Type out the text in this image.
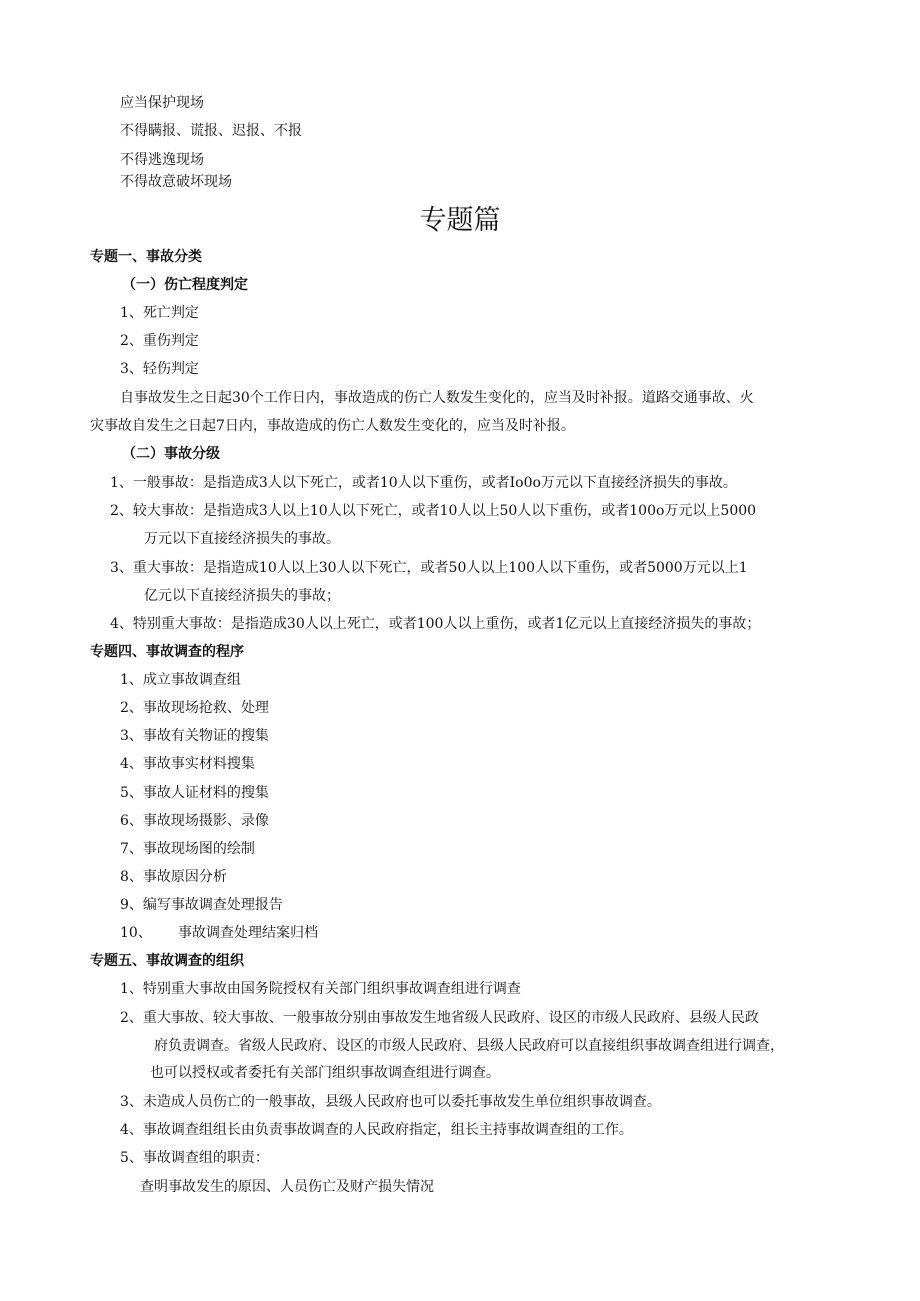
应当保护现场
不得瞒报、谎报、迟报、不报
不得逃逸现场
不得故意破坏现场
专题篇
专题一、事故分类
（一）伤亡程度判定
1、死亡判定
2、重伤判定
3、轻伤判定
自事故发生之日起30个工作日内，事故造成的伤亡人数发生变化的，应当及时补报。道路交通事故、火
灾事故自发生之日起7日内，事故造成的伤亡人数发生变化的，应当及时补报。
（二）事故分级
1、一般事故：是指造成3人以下死亡，或者10人以下重伤，或者Io0o万元以下直接经济损失的事故。
2、较大事故：是指造成3人以上10人以下死亡，或者10人以上50人以下重伤，或者100o万元以上5000
万元以下直接经济损失的事故。
3、重大事故：是指造成10人以上30人以下死亡，或者50人以上100人以下重伤，或者5000万元以上1
亿元以下直接经济损失的事故；
4、特别重大事故：是指造成30人以上死亡，或者100人以上重伤，或者1亿元以上直接经济损失的事故；
专题四、事故调查的程序
1、成立事故调查组
2、事故现场抢救、处理
3、事故有关物证的搜集
4、事故事实材料搜集
5、事故人证材料的搜集
6、事故现场摄影、录像
7、事故现场图的绘制
8、事故原因分析
9、编写事故调查处理报告
10、 事故调查处理结案归档
专题五、事故调查的组织
1、特别重大事故由国务院授权有关部门组织事故调查组进行调查
2、重大事故、较大事故、一般事故分别由事故发生地省级人民政府、设区的市级人民政府、县级人民政
府负责调查。省级人民政府、设区的市级人民政府、县级人民政府可以直接组织事故调查组进行调查，
也可以授权或者委托有关部门组织事故调查组进行调查。
3、未造成人员伤亡的一般事故，县级人民政府也可以委托事故发生单位组织事故调查。
4、事故调查组组长由负责事故调查的人民政府指定，组长主持事故调查组的工作。
5、事故调查组的职责：
查明事故发生的原因、人员伤亡及财产损失情况
